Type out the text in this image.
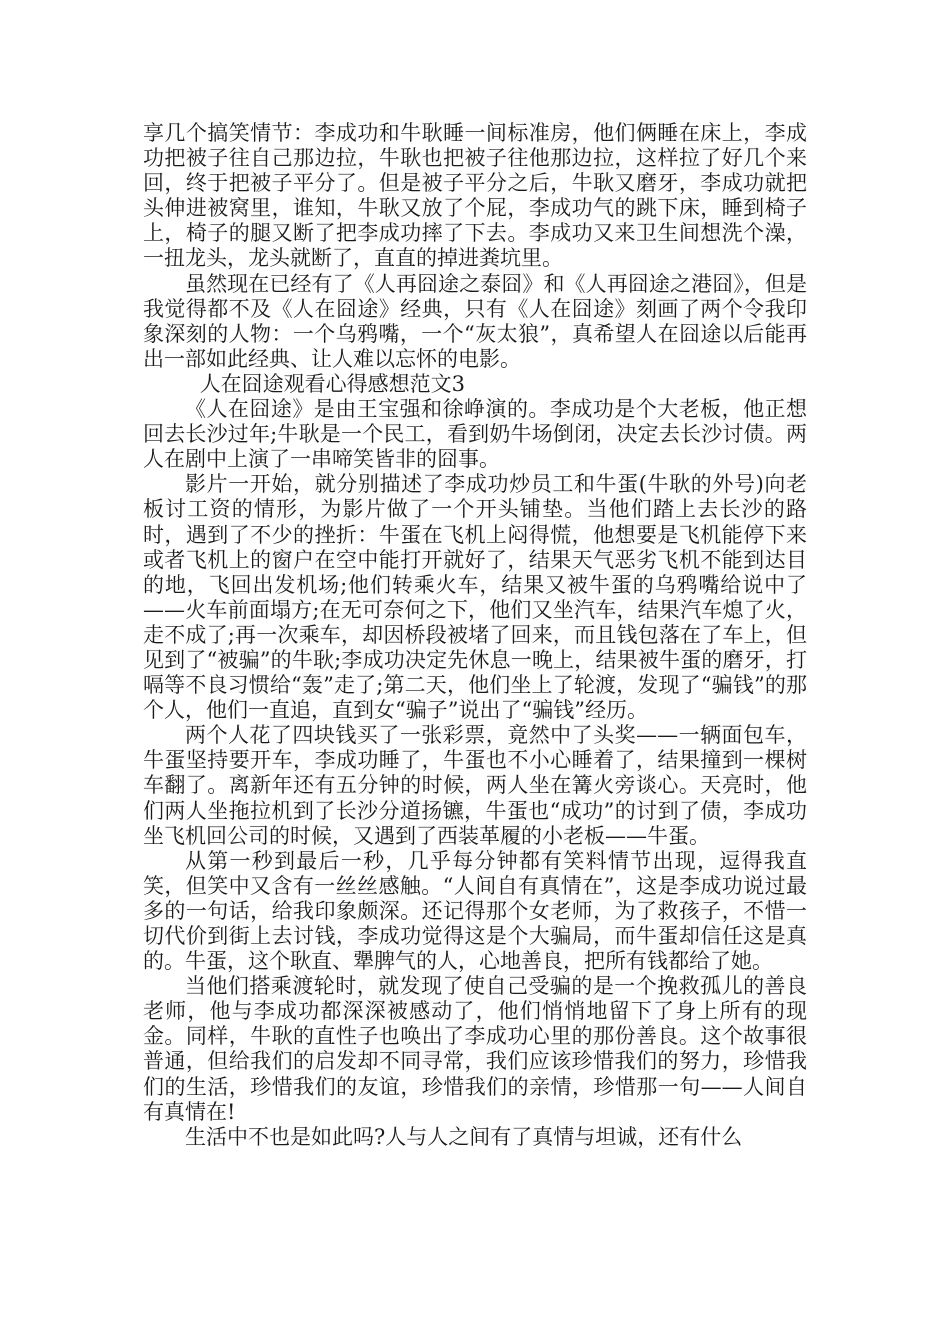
享几个搞笑情节：李成功和牛耿睡一间标准房，他们俩睡在床上，李成功把被子往自己那边拉，牛耿也把被子往他那边拉，这样拉了好几个来回，终于把被子平分了。但是被子平分之后，牛耿又磨牙，李成功就把头伸进被窝里，谁知，牛耿又放了个屁，李成功气的跳下床，睡到椅子上，椅子的腿又断了把李成功摔了下去。李成功又来卫生间想洗个澡，一扭龙头，龙头就断了，直直的掉进粪坑里。

虽然现在已经有了《人再囧途之泰囧》和《人再囧途之港囧》，但是我觉得都不及《人在囧途》经典，只有《人在囧途》刻画了两个令我印象深刻的人物：一个乌鸦嘴，一个“灰太狼”，真希望人在囧途以后能再出一部如此经典、让人难以忘怀的电影。

人在囧途观看心得感想范文3

《人在囧途》是由王宝强和徐峥演的。李成功是个大老板，他正想回去长沙过年;牛耿是一个民工，看到奶牛场倒闭，决定去长沙讨债。两人在剧中上演了一串啼笑皆非的囧事。

影片一开始，就分别描述了李成功炒员工和牛蛋(牛耿的外号)向老板讨工资的情形，为影片做了一个开头铺垫。当他们踏上去长沙的路时，遇到了不少的挫折：牛蛋在飞机上闷得慌，他想要是飞机能停下来或者飞机上的窗户在空中能打开就好了，结果天气恶劣飞机不能到达目的地，飞回出发机场;他们转乘火车，结果又被牛蛋的乌鸦嘴给说中了——火车前面塌方;在无可奈何之下，他们又坐汽车，结果汽车熄了火，走不成了;再一次乘车，却因桥段被堵了回来，而且钱包落在了车上，但见到了“被骗”的牛耿;李成功决定先休息一晚上，结果被牛蛋的磨牙，打嗝等不良习惯给“轰”走了;第二天，他们坐上了轮渡，发现了“骗钱”的那个人，他们一直追，直到女“骗子”说出了“骗钱”经历。

两个人花了四块钱买了一张彩票，竟然中了头奖——一辆面包车，牛蛋坚持要开车，李成功睡了，牛蛋也不小心睡着了，结果撞到一棵树车翻了。离新年还有五分钟的时候，两人坐在篝火旁谈心。天亮时，他们两人坐拖拉机到了长沙分道扬镳，牛蛋也“成功”的讨到了债，李成功坐飞机回公司的时候，又遇到了西装革履的小老板——牛蛋。

从第一秒到最后一秒，几乎每分钟都有笑料情节出现，逗得我直笑，但笑中又含有一丝丝感触。“人间自有真情在”，这是李成功说过最多的一句话，给我印象颇深。还记得那个女老师，为了救孩子，不惜一切代价到街上去讨钱，李成功觉得这是个大骗局，而牛蛋却信任这是真的。牛蛋，这个耿直、犟脾气的人，心地善良，把所有钱都给了她。

当他们搭乘渡轮时，就发现了使自己受骗的是一个挽救孤儿的善良老师，他与李成功都深深被感动了，他们悄悄地留下了身上所有的现金。同样，牛耿的直性子也唤出了李成功心里的那份善良。这个故事很普通，但给我们的启发却不同寻常，我们应该珍惜我们的努力，珍惜我们的生活，珍惜我们的友谊，珍惜我们的亲情，珍惜那一句——人间自有真情在!

生活中不也是如此吗?人与人之间有了真情与坦诚，还有什么
